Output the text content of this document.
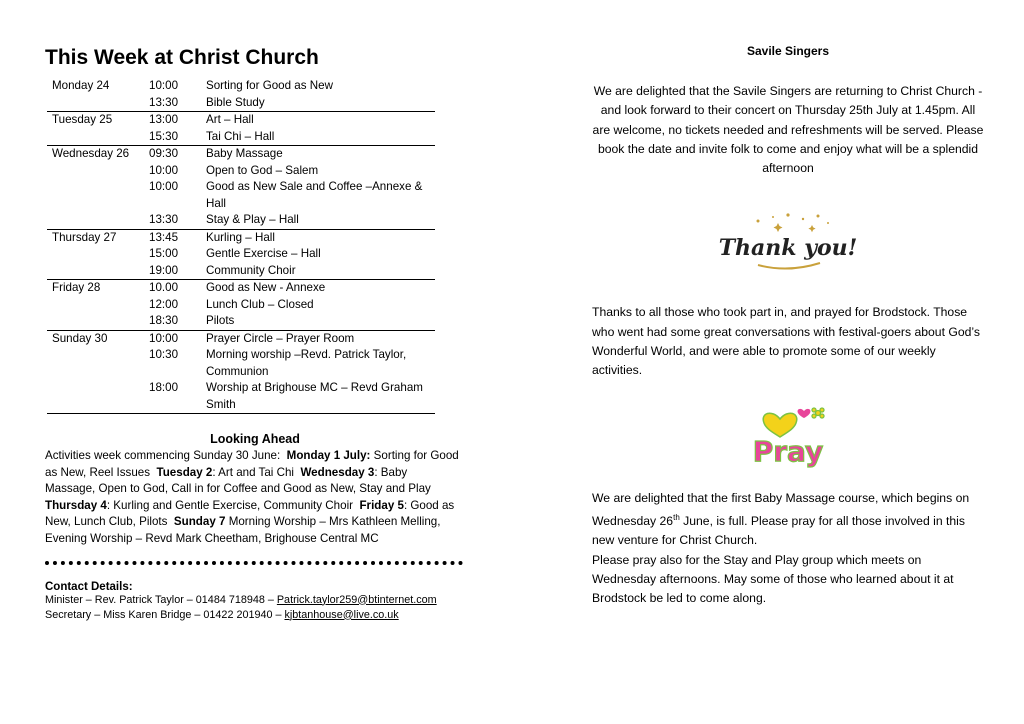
This Week at Christ Church
Monday 24	10:00	Sorting for Good as New
	13:30	Bible Study
Tuesday 25	13:00	Art – Hall
	15:30	Tai Chi – Hall
Wednesday 26	09:30	Baby Massage
	10:00	Open to God – Salem
	10:00	Good as New Sale and Coffee –Annexe & Hall
	13:30	Stay & Play – Hall
Thursday 27	13:45	Kurling – Hall
	15:00	Gentle Exercise – Hall
	19:00	Community Choir
Friday 28	10.00	Good as New - Annexe
	12:00	Lunch Club – Closed
	18:30	Pilots
Sunday 30	10:00	Prayer Circle – Prayer Room
	10:30	Morning worship –Revd. Patrick Taylor, Communion
	18:00	Worship at Brighouse MC – Revd Graham Smith
Looking Ahead
Activities week commencing Sunday 30 June: Monday 1 July: Sorting for Good as New, Reel Issues Tuesday 2: Art and Tai Chi Wednesday 3: Baby Massage, Open to God, Call in for Coffee and Good as New, Stay and Play Thursday 4: Kurling and Gentle Exercise, Community Choir Friday 5: Good as New, Lunch Club, Pilots Sunday 7 Morning Worship – Mrs Kathleen Melling, Evening Worship – Revd Mark Cheetham, Brighouse Central MC
Contact Details:
Minister – Rev. Patrick Taylor – 01484 718948 – Patrick.taylor259@btinternet.com
Secretary – Miss Karen Bridge – 01422 201940 – kjbtanhouse@live.co.uk
Savile Singers
We are delighted that the Savile Singers are returning to Christ Church - and look forward to their concert on Thursday 25th July at 1.45pm. All are welcome, no tickets needed and refreshments will be served. Please book the date and invite folk to come and enjoy what will be a splendid afternoon
Thank you!
Thanks to all those who took part in, and prayed for Brodstock. Those who went had some great conversations with festival-goers about God’s Wonderful World, and were able to promote some of our weekly activities.
Pray
We are delighted that the first Baby Massage course, which begins on Wednesday 26th June, is full. Please pray for all those involved in this new venture for Christ Church.
Please pray also for the Stay and Play group which meets on Wednesday afternoons. May some of those who learned about it at Brodstock be led to come along.
